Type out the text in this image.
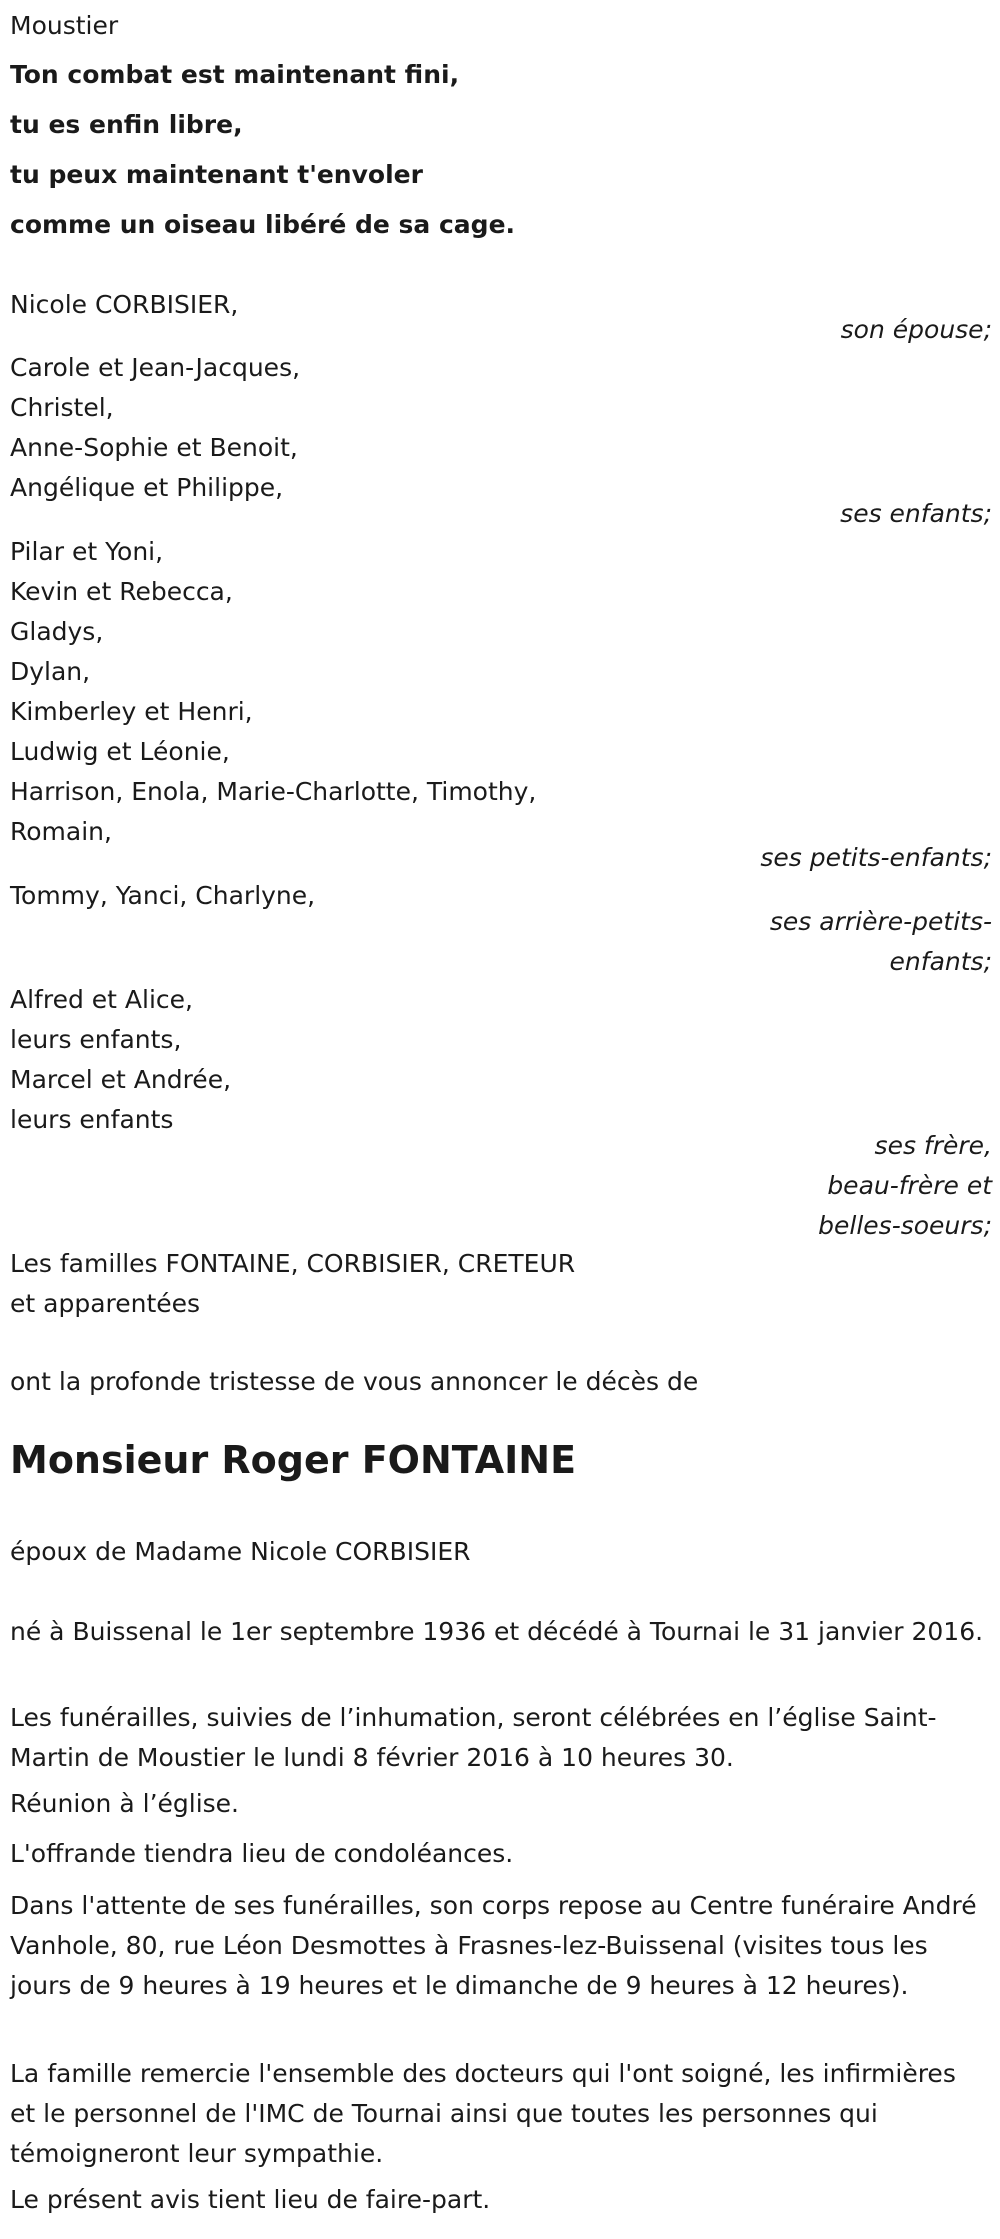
Moustier
Ton combat est maintenant fini,
tu es enfin libre,
tu peux maintenant t'envoler
comme un oiseau libéré de sa cage.
Nicole CORBISIER,
son épouse;
Carole et Jean-Jacques,
Christel,
Anne-Sophie et Benoit,
Angélique et Philippe,
ses enfants;
Pilar et Yoni,
Kevin et Rebecca,
Gladys,
Dylan,
Kimberley et Henri,
Ludwig et Léonie,
Harrison, Enola, Marie-Charlotte, Timothy,
Romain,
ses petits-enfants;
Tommy, Yanci, Charlyne,
ses arrière-petits-
enfants;
Alfred et Alice,
leurs enfants,
Marcel et Andrée,
leurs enfants
ses frère,
beau-frère et
belles-soeurs;
Les familles FONTAINE, CORBISIER, CRETEUR
et apparentées
ont la profonde tristesse de vous annoncer le décès de
Monsieur Roger FONTAINE
époux de Madame Nicole CORBISIER

né à Buissenal le 1er septembre 1936 et décédé à Tournai le 31 janvier 2016.

Les funérailles, suivies de l’inhumation, seront célébrées en l’église Saint-Martin de Moustier le lundi 8 février 2016 à 10 heures 30.

Réunion à l’église.

L'offrande tiendra lieu de condoléances.

Dans l'attente de ses funérailles, son corps repose au Centre funéraire André Vanhole, 80, rue Léon Desmottes à Frasnes-lez-Buissenal (visites tous les jours de 9 heures à 19 heures et le dimanche de 9 heures à 12 heures).

La famille remercie l'ensemble des docteurs qui l'ont soigné, les infirmières et le personnel de l'IMC de Tournai ainsi que toutes les personnes qui témoigneront leur sympathie.

Le présent avis tient lieu de faire-part.
